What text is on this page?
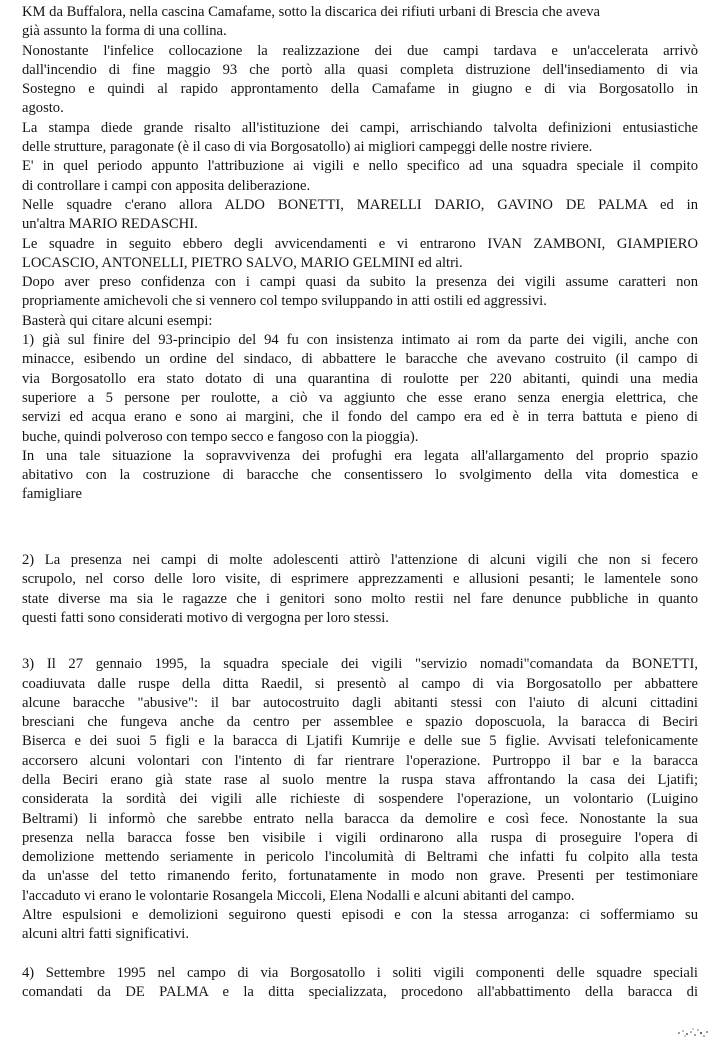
KM da Buffalora, nella cascina Camafame, sotto la discarica dei rifiuti urbani di Brescia che aveva
già assunto la forma di una collina.
Nonostante l'infelice collocazione la realizzazione dei due campi tardava e un'accelerata arrivò
dall'incendio di fine maggio 93 che portò alla quasi completa distruzione dell'insediamento di via
Sostegno e quindi al rapido approntamento della Camafame in giugno e di via Borgosatollo in
agosto.
La stampa diede grande risalto all'istituzione dei campi, arrischiando talvolta definizioni entusiastiche
delle strutture, paragonate (è il caso di via Borgosatollo) ai migliori campeggi delle nostre riviere.
E' in quel periodo appunto l'attribuzione ai vigili e nello specifico ad una squadra speciale il compito
di controllare i campi con apposita deliberazione.
Nelle squadre c'erano allora ALDO BONETTI, MARELLI DARIO, GAVINO DE PALMA ed in
un'altra MARIO REDASCHI.
Le squadre in seguito ebbero degli avvicendamenti e vi entrarono IVAN ZAMBONI, GIAMPIERO
LOCASCIO, ANTONELLI, PIETRO SALVO, MARIO GELMINI ed altri.
Dopo aver preso confidenza con i campi quasi da subito la presenza dei vigili assume caratteri non
propriamente amichevoli che si vennero col tempo sviluppando in atti ostili ed aggressivi.
Basterà qui citare alcuni esempi:
1) già sul finire del 93-principio del 94 fu con insistenza intimato ai rom da parte dei vigili, anche con
minacce, esibendo un ordine del sindaco, di abbattere le baracche che avevano costruito (il campo di
via Borgosatollo era stato dotato di una quarantina di roulotte per 220 abitanti, quindi una media
superiore a 5 persone per roulotte, a ciò va aggiunto che esse erano senza energia elettrica, che
servizi ed acqua erano e sono ai margini, che il fondo del campo era ed è in terra battuta e pieno di
buche, quindi polveroso con tempo secco e fangoso con la pioggia).
In una tale situazione la sopravvivenza dei profughi era legata all'allargamento del proprio spazio
abitativo con la costruzione di baracche che consentissero lo svolgimento della vita domestica e
famigliare
2) La presenza nei campi di molte adolescenti attirò l'attenzione di alcuni vigili che non si fecero
scrupolo, nel corso delle loro visite, di esprimere apprezzamenti e allusioni pesanti; le lamentele sono
state diverse ma sia le ragazze che i genitori sono molto restii nel fare denunce pubbliche in quanto
questi fatti sono considerati motivo di vergogna per loro stessi.
3) Il 27 gennaio 1995, la squadra speciale dei vigili "servizio nomadi"comandata da BONETTI,
coadiuvata dalle ruspe della ditta Raedil, si presentò al campo di via Borgosatollo per abbattere
alcune baracche "abusive": il bar autocostruito dagli abitanti stessi con l'aiuto di alcuni cittadini
bresciani che fungeva anche da centro per assemblee e spazio doposcuola, la baracca di Beciri
Biserca e dei suoi 5 figli e la baracca di Ljatifi Kumrije e delle sue 5 figlie. Avvisati telefonicamente
accorsero alcuni volontari con l'intento di far rientrare l'operazione. Purtroppo il bar e la baracca
della Beciri erano già state rase al suolo mentre la ruspa stava affrontando la casa dei Ljatifi;
considerata la sordità dei vigili alle richieste di sospendere l'operazione, un volontario (Luigino
Beltrami) li informò che sarebbe entrato nella baracca da demolire e così fece. Nonostante la sua
presenza nella baracca fosse ben visibile i vigili ordinarono alla ruspa di proseguire l'opera di
demolizione mettendo seriamente in pericolo l'incolumità di Beltrami che infatti fu colpito alla testa
da un'asse del tetto rimanendo ferito, fortunatamente in modo non grave. Presenti per testimoniare
l'accaduto vi erano le volontarie Rosangela Miccoli, Elena Nodalli e alcuni abitanti del campo.
Altre espulsioni e demolizioni seguirono questi episodi e con la stessa arroganza: ci soffermiamo su
alcuni altri fatti significativi.
4) Settembre 1995 nel campo di via Borgosatollo i soliti vigili componenti delle squadre speciali
comandati da DE PALMA e la ditta specializzata, procedono all'abbattimento della baracca di
